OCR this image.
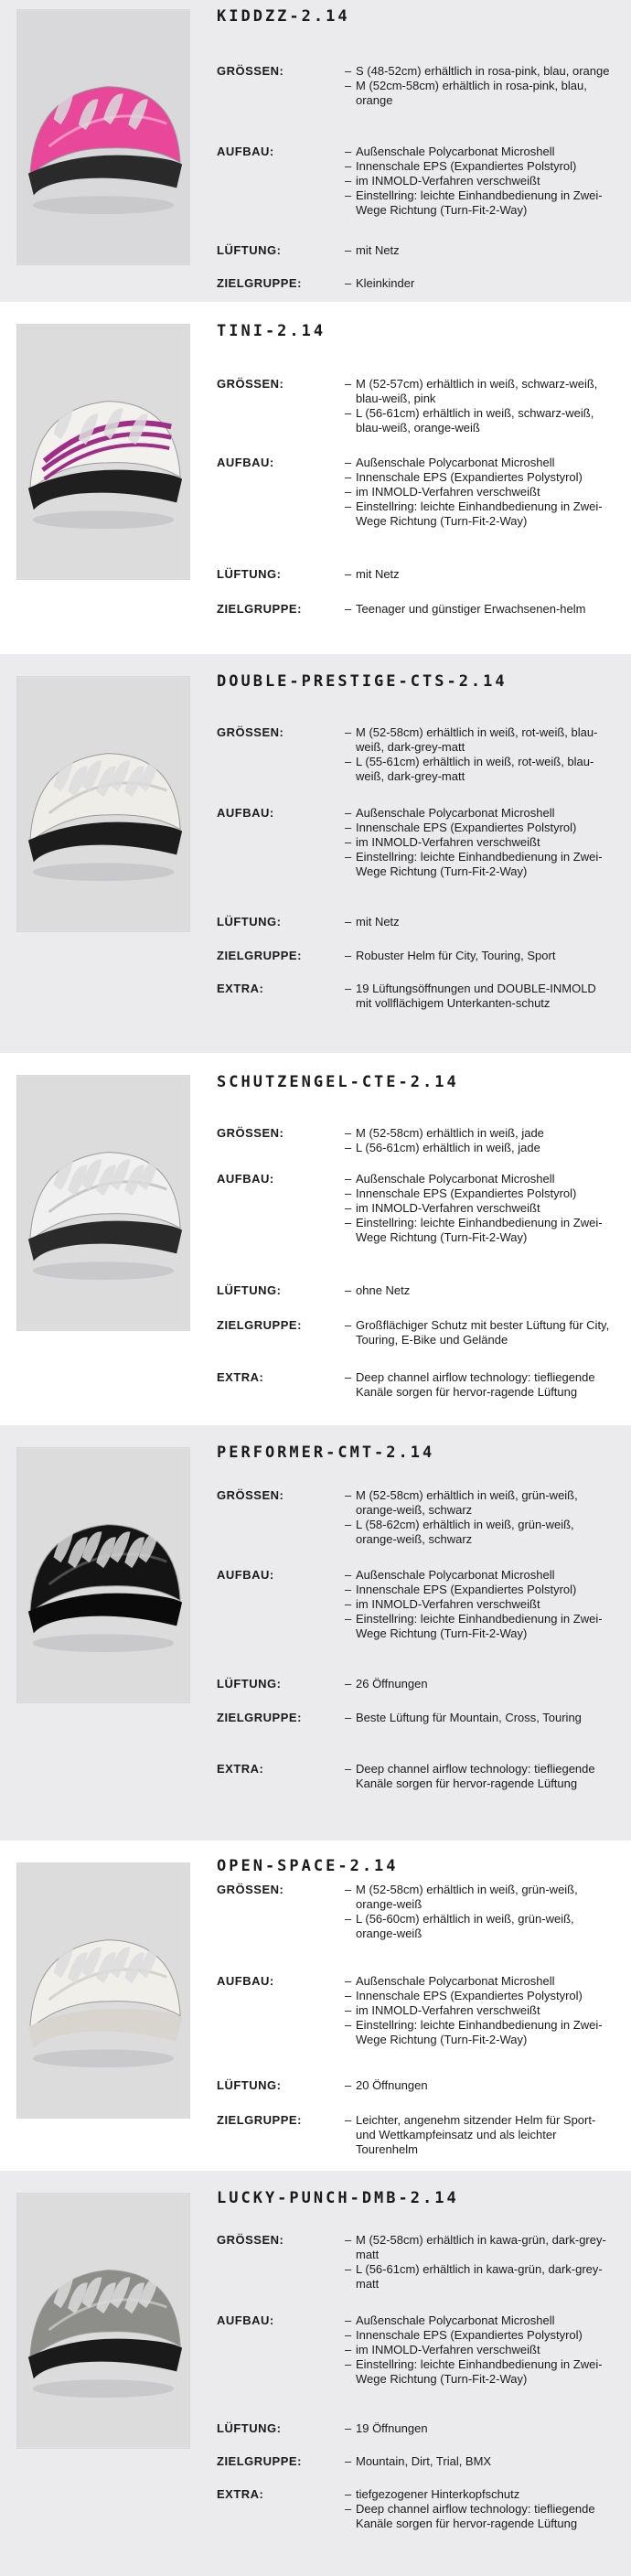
KIDDZZ-2.14
GRÖSSEN:	– S (48-52cm) erhältlich in rosa-pink, blau, orange
– M (52cm-58cm) erhältlich in rosa-pink, blau, orange
AUFBAU:	– Außenschale Polycarbonat Microshell
– Innenschale EPS (Expandiertes Polstyrol)
– im INMOLD-Verfahren verschweißt
– Einstellring: leichte Einhandbedienung in Zwei-Wege Richtung (Turn-Fit-2-Way)
LÜFTUNG:	– mit Netz
ZIELGRUPPE:	– Kleinkinder
TINI-2.14
GRÖSSEN:	– M (52-57cm) erhältlich in weiß, schwarz-weiß, blau-weiß, pink
– L (56-61cm) erhältlich in weiß, schwarz-weiß, blau-weiß, orange-weiß
AUFBAU:	– Außenschale Polycarbonat Microshell
– Innenschale EPS (Expandiertes Polystyrol)
– im INMOLD-Verfahren verschweißt
– Einstellring: leichte Einhandbedienung in Zwei-Wege Richtung (Turn-Fit-2-Way)
LÜFTUNG:	– mit Netz
ZIELGRUPPE:	– Teenager und günstiger Erwachsenen-helm
DOUBLE-PRESTIGE-CTS-2.14
GRÖSSEN:	– M (52-58cm) erhältlich in weiß, rot-weiß, blau-weiß, dark-grey-matt
– L (55-61cm) erhältlich in weiß, rot-weiß, blau-weiß, dark-grey-matt
AUFBAU:	– Außenschale Polycarbonat Microshell
– Innenschale EPS (Expandiertes Polstyrol)
– im INMOLD-Verfahren verschweißt
– Einstellring: leichte Einhandbedienung in Zwei-Wege Richtung (Turn-Fit-2-Way)
LÜFTUNG:	– mit Netz
ZIELGRUPPE:	– Robuster Helm für City, Touring, Sport
EXTRA:	– 19 Lüftungsöffnungen und DOUBLE-INMOLD mit vollflächigem Unterkanten-schutz
SCHUTZENGEL-CTE-2.14
GRÖSSEN:	– M (52-58cm) erhältlich in weiß, jade
– L (56-61cm) erhältlich in weiß, jade
AUFBAU:	– Außenschale Polycarbonat Microshell
– Innenschale EPS (Expandiertes Polstyrol)
– im INMOLD-Verfahren verschweißt
– Einstellring: leichte Einhandbedienung in Zwei-Wege Richtung (Turn-Fit-2-Way)
LÜFTUNG:	– ohne Netz
ZIELGRUPPE:	– Großflächiger Schutz mit bester Lüftung für City, Touring, E-Bike und Gelände
EXTRA:	– Deep channel airflow technology: tiefliegende Kanäle sorgen für hervor-ragende Lüftung
PERFORMER-CMT-2.14
GRÖSSEN:	– M (52-58cm) erhältlich in weiß, grün-weiß, orange-weiß, schwarz
– L (58-62cm) erhältlich in weiß, grün-weiß, orange-weiß, schwarz
AUFBAU:	– Außenschale Polycarbonat Microshell
– Innenschale EPS (Expandiertes Polstyrol)
– im INMOLD-Verfahren verschweißt
– Einstellring: leichte Einhandbedienung in Zwei-Wege Richtung (Turn-Fit-2-Way)
LÜFTUNG:	– 26 Öffnungen
ZIELGRUPPE:	– Beste Lüftung für Mountain, Cross, Touring
EXTRA:	– Deep channel airflow technology: tiefliegende Kanäle sorgen für hervor-ragende Lüftung
OPEN-SPACE-2.14
GRÖSSEN:	– M (52-58cm) erhältlich in weiß, grün-weiß, orange-weiß
– L (56-60cm) erhältlich in weiß, grün-weiß, orange-weiß
AUFBAU:	– Außenschale Polycarbonat Microshell
– Innenschale EPS (Expandiertes Polystyrol)
– im INMOLD-Verfahren verschweißt
– Einstellring: leichte Einhandbedienung in Zwei-Wege Richtung (Turn-Fit-2-Way)
LÜFTUNG:	– 20 Öffnungen
ZIELGRUPPE:	– Leichter, angenehm sitzender Helm für Sport- und Wettkampfeinsatz und als leichter Tourenhelm
LUCKY-PUNCH-DMB-2.14
GRÖSSEN:	– M (52-58cm) erhältlich in kawa-grün, dark-grey-matt
– L (56-61cm) erhältlich in kawa-grün, dark-grey-matt
AUFBAU:	– Außenschale Polycarbonat Microshell
– Innenschale EPS (Expandiertes Polystyrol)
– im INMOLD-Verfahren verschweißt
– Einstellring: leichte Einhandbedienung in Zwei-Wege Richtung (Turn-Fit-2-Way)
LÜFTUNG:	– 19 Öffnungen
ZIELGRUPPE:	– Mountain, Dirt, Trial, BMX
EXTRA:	– tiefgezogener Hinterkopfschutz
– Deep channel airflow technology: tiefliegende Kanäle sorgen für hervor-ragende Lüftung
